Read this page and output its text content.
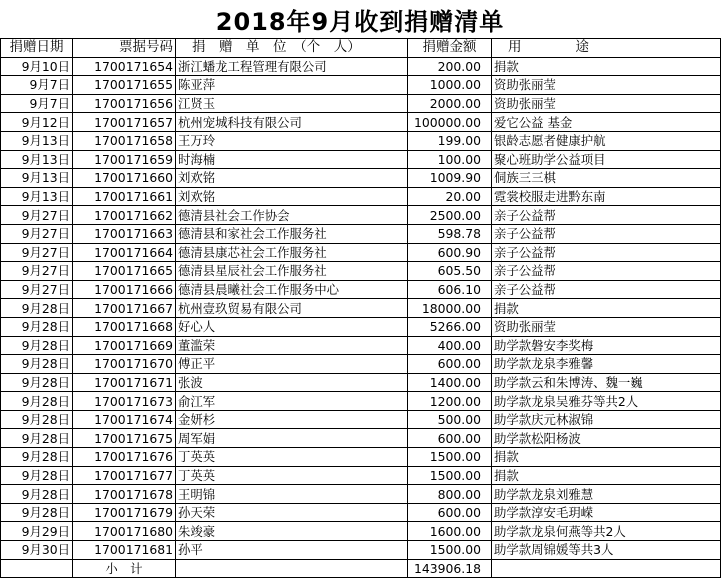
2018年9月收到捐赠清单
捐赠日期	票据号码	捐　赠　单　位　（个　人）	捐赠金额	用　　　　途
9月10日	1700171654	浙江蟠龙工程管理有限公司	200.00	捐款
9月7日	1700171655	陈亚萍	1000.00	资助张丽莹
9月7日	1700171656	江贤玉	2000.00	资助张丽莹
9月12日	1700171657	杭州宠城科技有限公司	100000.00	爱它公益 基金
9月13日	1700171658	王万玲	199.00	银龄志愿者健康护航
9月13日	1700171659	时海楠	100.00	聚心班助学公益项目
9月13日	1700171660	刘欢铭	1009.90	侗族三三棋
9月13日	1700171661	刘欢铭	20.00	霓裳校服走进黔东南
9月27日	1700171662	德清县社会工作协会	2500.00	亲子公益帮
9月27日	1700171663	德清县和家社会工作服务社	598.78	亲子公益帮
9月27日	1700171664	德清县康芯社会工作服务社	600.90	亲子公益帮
9月27日	1700171665	德清县星辰社会工作服务社	605.50	亲子公益帮
9月27日	1700171666	德清县晨曦社会工作服务中心	606.10	亲子公益帮
9月28日	1700171667	杭州壹玖贸易有限公司	18000.00	捐款
9月28日	1700171668	好心人	5266.00	资助张丽莹
9月28日	1700171669	董滥荣	400.00	助学款磐安李奖梅
9月28日	1700171670	傅正平	600.00	助学款龙泉李雅馨
9月28日	1700171671	张波	1400.00	助学款云和朱博涛、魏一巍
9月28日	1700171673	俞江军	1200.00	助学款龙泉吴雅芬等共2人
9月28日	1700171674	金妍杉	500.00	助学款庆元林淑锦
9月28日	1700171675	周军娟	600.00	助学款松阳杨波
9月28日	1700171676	丁英英	1500.00	捐款
9月28日	1700171677	丁英英	1500.00	捐款
9月28日	1700171678	王明锦	800.00	助学款龙泉刘雅慧
9月28日	1700171679	孙天荣	600.00	助学款淳安毛玥嵘
9月29日	1700171680	朱竣豪	1600.00	助学款龙泉何燕等共2人
9月30日	1700171681	孙平	1500.00	助学款周锦媛等共3人
	小　计		143906.18	
